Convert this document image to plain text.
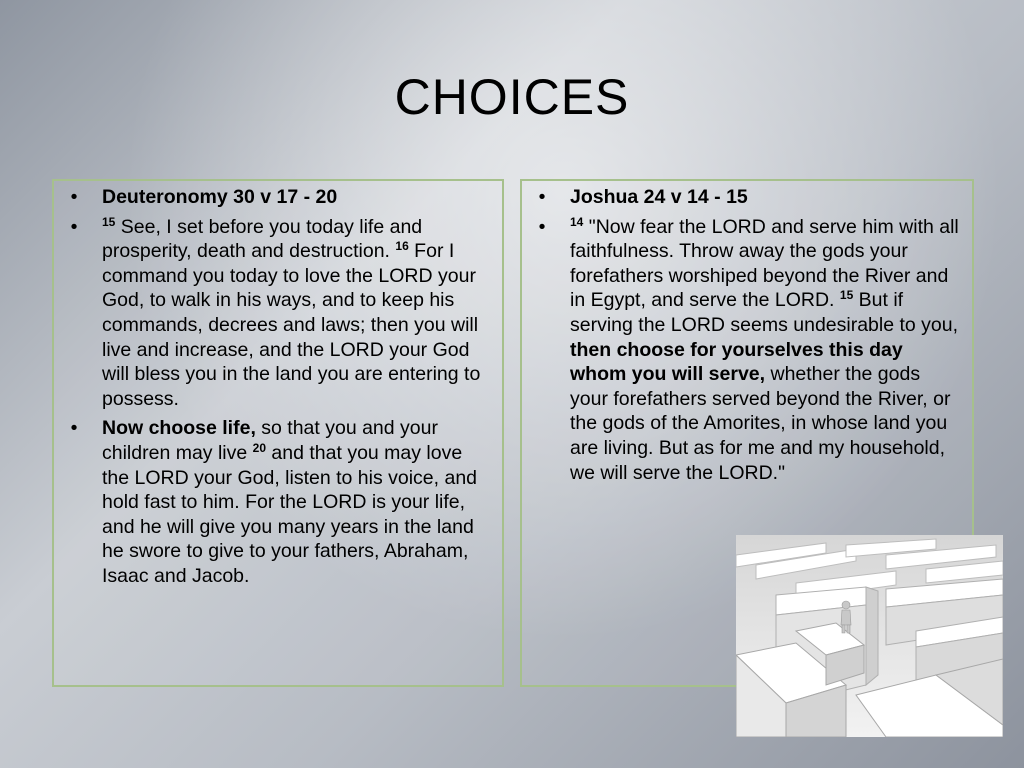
CHOICES
•	Deuteronomy 30 v 17 - 20
•	$^{15}$ See, I set before you today life and prosperity, death and destruction. $^{16}$ For I command you today to love the LORD your God, to walk in his ways, and to keep his commands, decrees and laws; then you will live and increase, and the LORD your God will bless you in the land you are entering to possess.
•	Now choose life, so that you and your children may live $^{20}$ and that you may love the LORD your God, listen to his voice, and hold fast to him. For the LORD is your life, and he will give you many years in the land he swore to give to your fathers, Abraham, Isaac and Jacob.
•	Joshua 24 v 14 - 15
•	$^{14}$ "Now fear the LORD and serve him with all faithfulness. Throw away the gods your forefathers worshiped beyond the River and in Egypt, and serve the LORD. $^{15}$ But if serving the LORD seems undesirable to you, then choose for yourselves this day whom you will serve, whether the gods your forefathers served beyond the River, or the gods of the Amorites, in whose land you are living. But as for me and my household, we will serve the LORD."
